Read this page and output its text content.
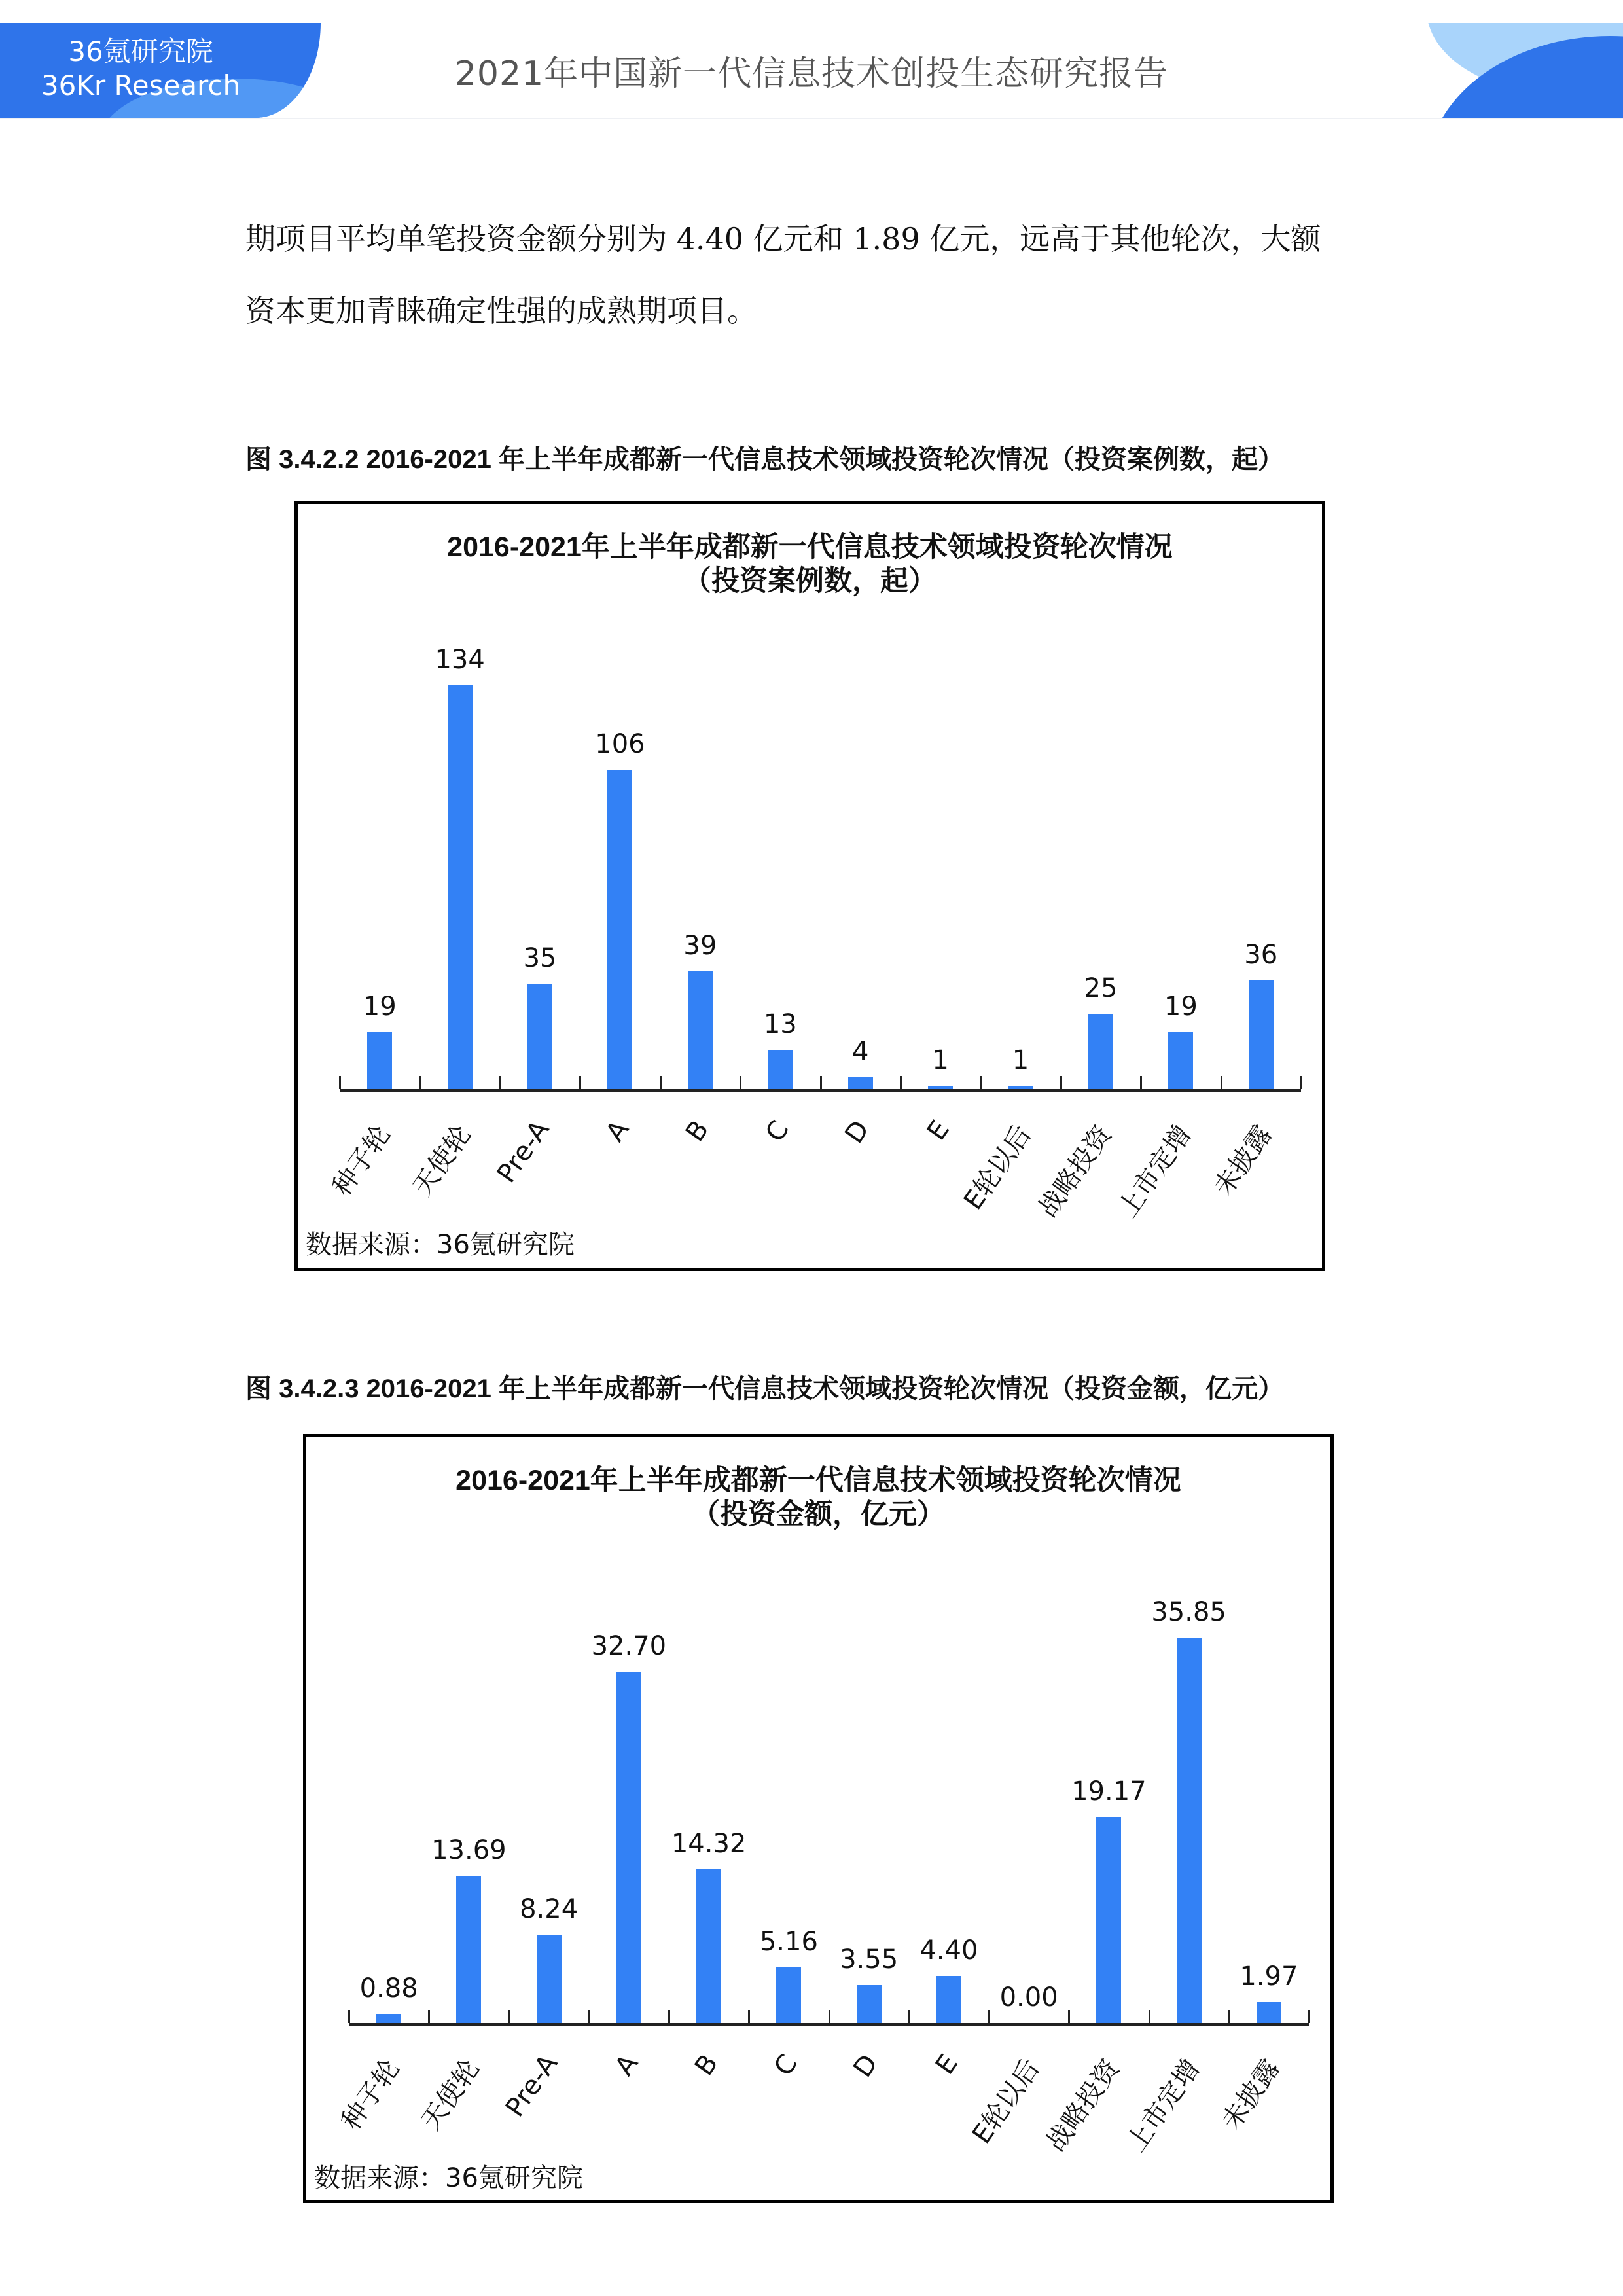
36氪研究院
36Kr Research	2021年中国新一代信息技术创投生态研究报告
期项目平均单笔投资金额分别为 4.40 亿元和 1.89 亿元，远高于其他轮次，大额
资本更加青睐确定性强的成熟期项目。
图 3.4.2.2 2016-2021 年上半年成都新一代信息技术领域投资轮次情况（投资案例数，起）
2016-2021年上半年成都新一代信息技术领域投资轮次情况
（投资案例数，起）
19
种子轮
134
天使轮
35
Pre-A
106
A
39
B
13
C
4
D
1
E
1
E轮以后
25
战略投资
19
上市定增
36
未披露
数据来源：36氪研究院
图 3.4.2.3 2016-2021 年上半年成都新一代信息技术领域投资轮次情况（投资金额，亿元）
2016-2021年上半年成都新一代信息技术领域投资轮次情况
（投资金额，亿元）
0.88
种子轮
13.69
天使轮
8.24
Pre-A
32.70
A
14.32
B
5.16
C
3.55
D
4.40
E
0.00
E轮以后
19.17
战略投资
35.85
上市定增
1.97
未披露
数据来源：36氪研究院
